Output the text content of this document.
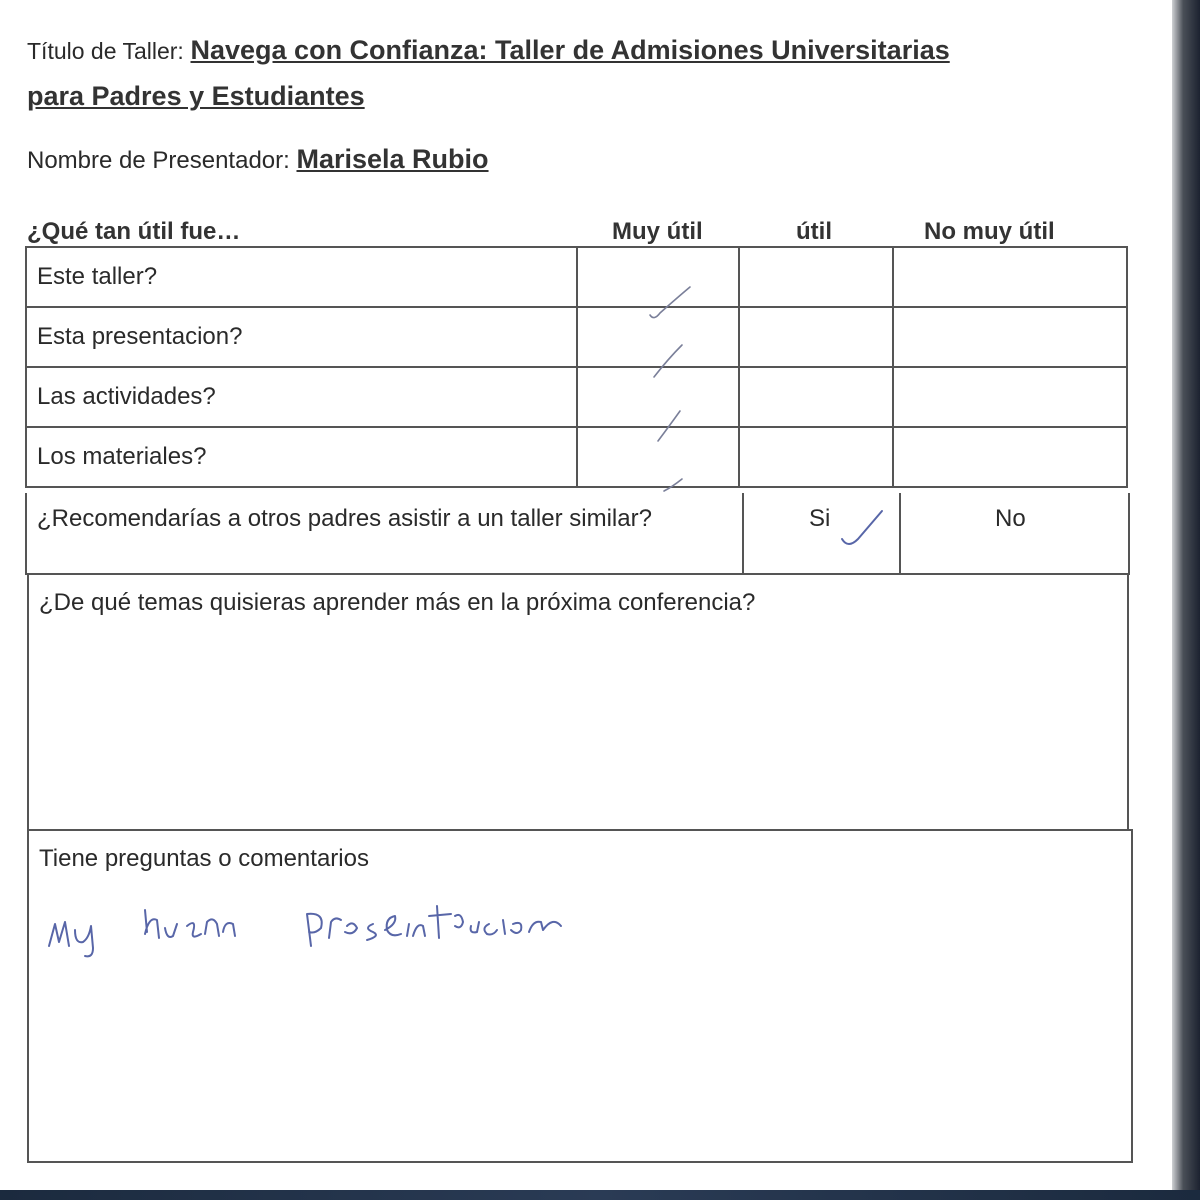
Título de Taller: Navega con Confianza: Taller de Admisiones Universitarias
para Padres y Estudiantes
Nombre de Presentador: Marisela Rubio
¿Qué tan útil fue…	Muy útil	útil	No muy útil
Este taller?	

Esta presentacion?	

Las actividades?	

Los materiales?	

¿Recomendarías a otros padres asistir a un taller similar?	Si	No
¿De qué temas quisieras aprender más en la próxima conferencia?
Tiene preguntas o comentarios
